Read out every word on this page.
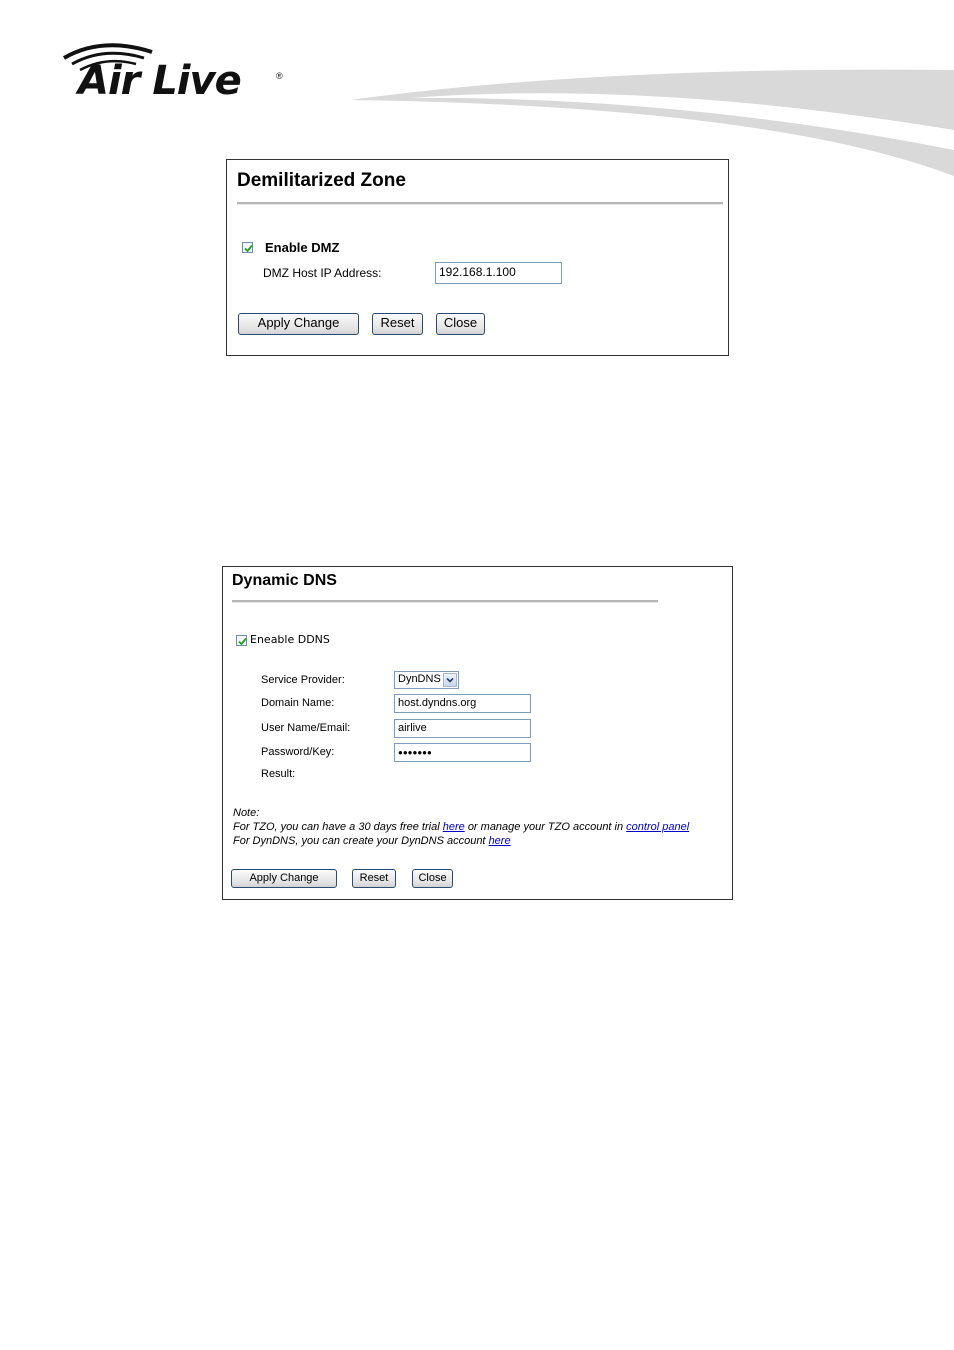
Air Live	®
Demilitarized Zone
Enable DMZ
DMZ Host IP Address:	192.168.1.100
Apply Change	Reset	Close
Dynamic DNS
Eneable DDNS
Service Provider:	DynDNS
Domain Name:	host.dyndns.org
User Name/Email:	airlive
Password/Key:	●●●●●●●
Result:
Note:
For TZO, you can have a 30 days free trial here or manage your TZO account in control panel
For DynDNS, you can create your DynDNS account here
Apply Change	Reset	Close
